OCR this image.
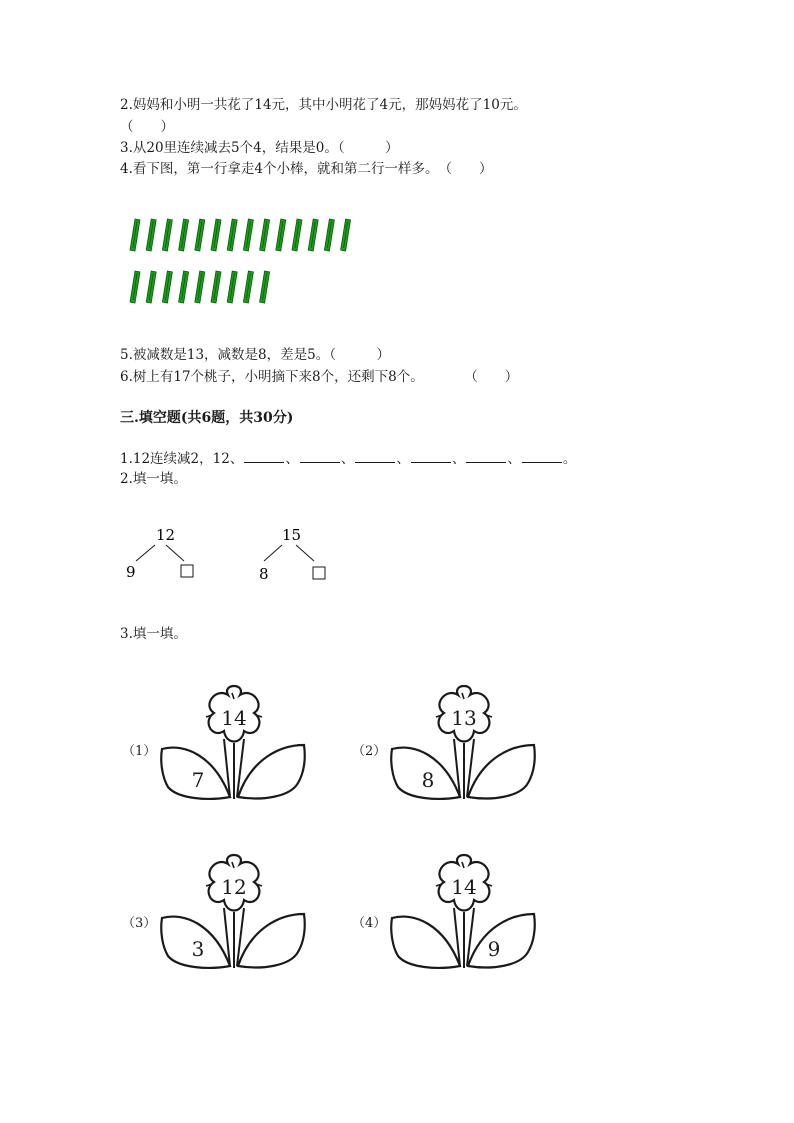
2.妈妈和小明一共花了14元，其中小明花了4元，那妈妈花了10元。
（　　）
3.从20里连续减去5个4，结果是0。（　　　）
4.看下图，第一行拿走4个小棒，就和第二行一样多。　（　　）
5.被减数是13，减数是8，差是5。（　　　）
6.树上有17个桃子，小明摘下来8个，还剩下8个。　　　　（　　）
三.填空题(共6题，共30分)
1.12连续减2，12、	、	、	、	、	、	。
2.填一填。
12
9
15
8
3.填一填。
（1）
14
7
（2）
13
8
（3）
12
3
（4）
14
9
